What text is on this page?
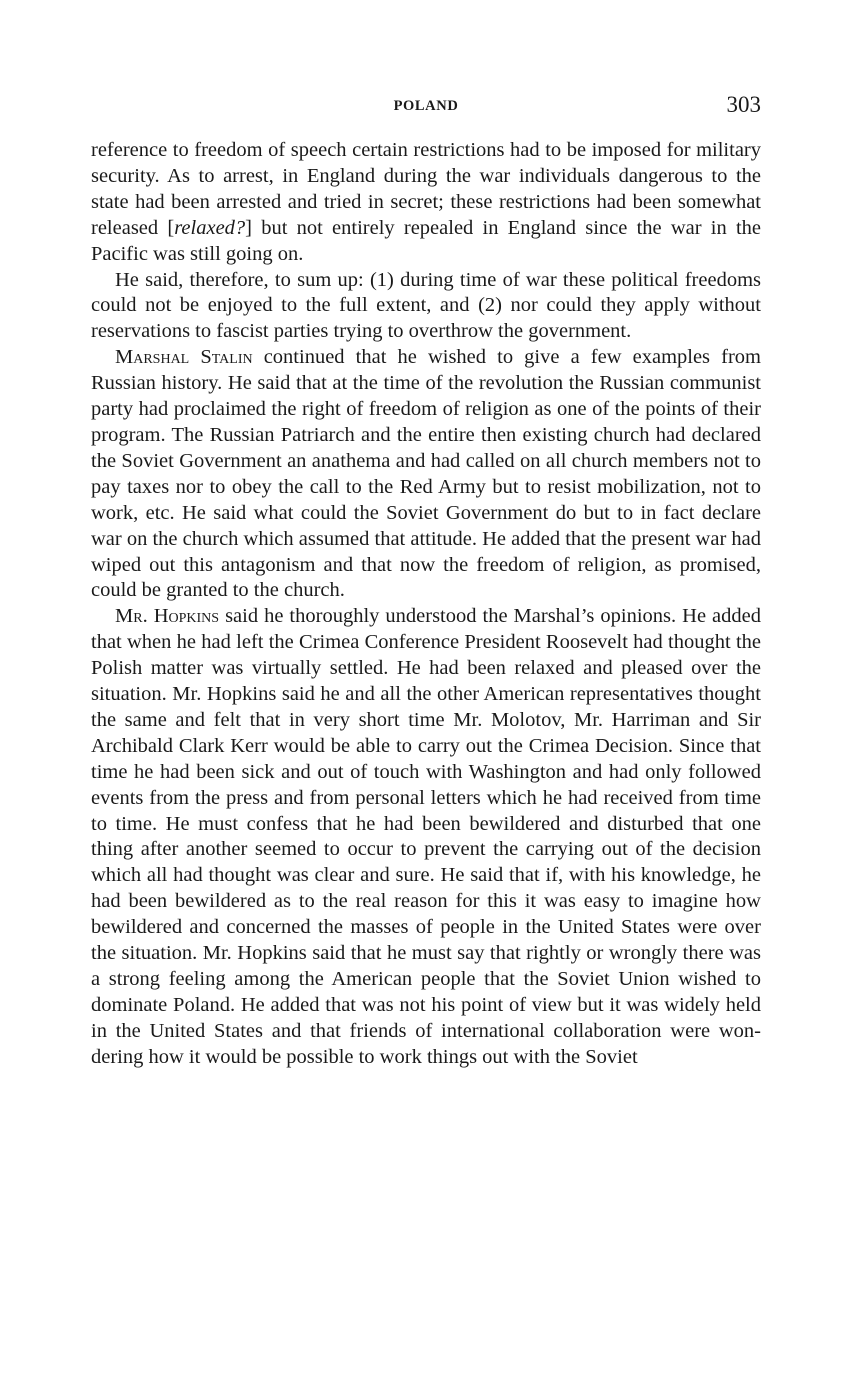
POLAND	303

reference to freedom of speech certain restrictions had to be imposed for military security. As to arrest, in England during the war individuals dangerous to the state had been arrested and tried in secret; these restrictions had been somewhat released [relaxed?] but not entirely repealed in England since the war in the Pacific was still going on.

He said, therefore, to sum up: (1) during time of war these political freedoms could not be enjoyed to the full extent, and (2) nor could they apply without reservations to fascist parties trying to overthrow the government.

Marshal Stalin continued that he wished to give a few examples from Russian history. He said that at the time of the revolution the Russian communist party had proclaimed the right of freedom of religion as one of the points of their program. The Russian Patriarch and the entire then existing church had declared the Soviet Government an anathema and had called on all church members not to pay taxes nor to obey the call to the Red Army but to resist mobilization, not to work, etc. He said what could the Soviet Government do but to in fact declare war on the church which assumed that attitude. He added that the present war had wiped out this antagonism and that now the freedom of religion, as promised, could be granted to the church.

Mr. Hopkins said he thoroughly understood the Marshal’s opinions. He added that when he had left the Crimea Conference President Roosevelt had thought the Polish matter was virtually settled. He had been relaxed and pleased over the situation. Mr. Hopkins said he and all the other American representatives thought the same and felt that in very short time Mr. Molotov, Mr. Harriman and Sir Archibald Clark Kerr would be able to carry out the Crimea Decision. Since that time he had been sick and out of touch with Washington and had only followed events from the press and from personal letters which he had received from time to time. He must confess that he had been bewildered and disturbed that one thing after another seemed to occur to prevent the carrying out of the decision which all had thought was clear and sure. He said that if, with his knowledge, he had been bewildered as to the real reason for this it was easy to imagine how bewildered and concerned the masses of people in the United States were over the situation. Mr. Hopkins said that he must say that rightly or wrongly there was a strong feeling among the American people that the Soviet Union wished to dominate Poland. He added that was not his point of view but it was widely held in the United States and that friends of international collaboration were wondering how it would be possible to work things out with the Soviet
